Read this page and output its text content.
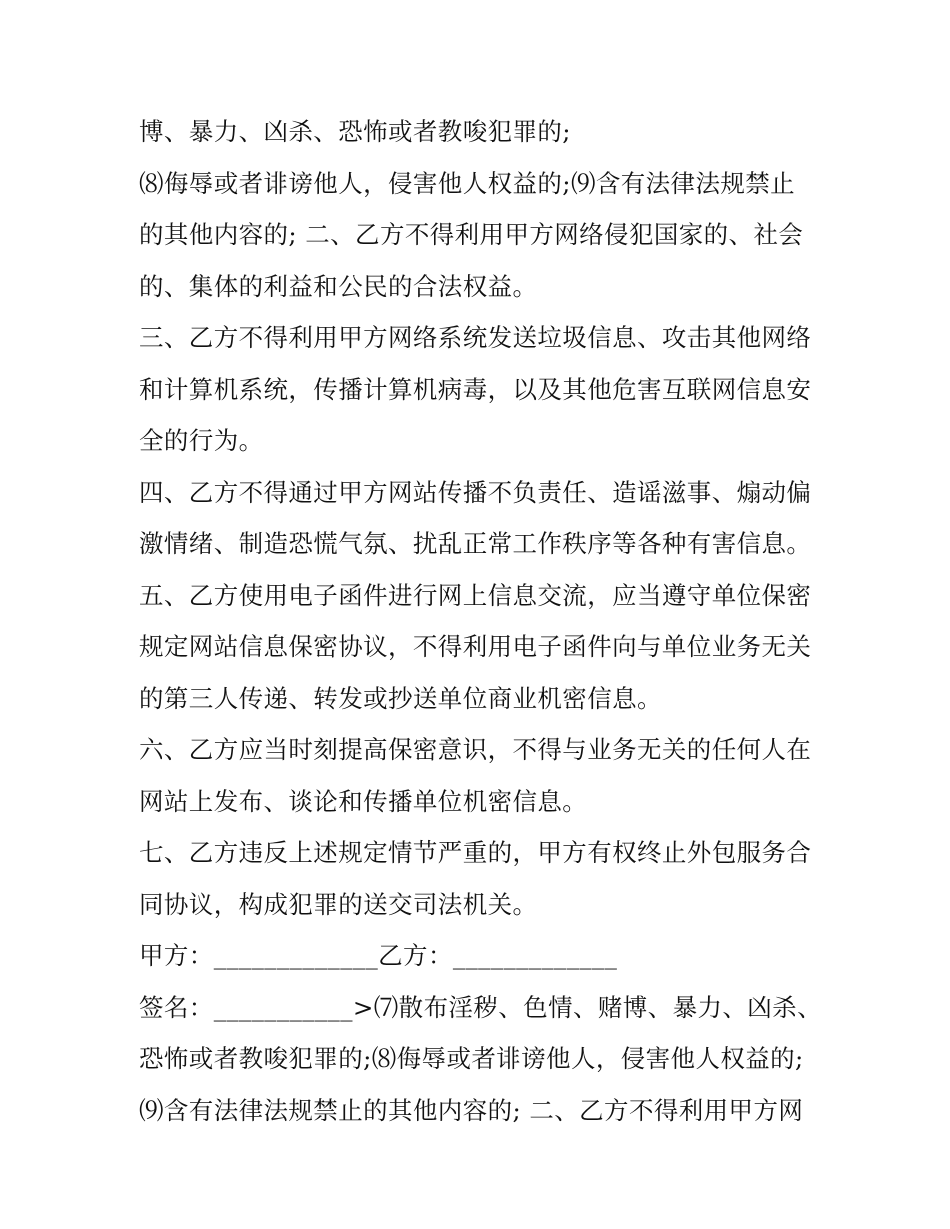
博、暴力、凶杀、恐怖或者教唆犯罪的;
⑻侮辱或者诽谤他人，侵害他人权益的;⑼含有法律法规禁止
的其他内容的; 二、乙方不得利用甲方网络侵犯国家的、社会
的、集体的利益和公民的合法权益。
三、乙方不得利用甲方网络系统发送垃圾信息、攻击其他网络
和计算机系统，传播计算机病毒，以及其他危害互联网信息安
全的行为。
四、乙方不得通过甲方网站传播不负责任、造谣滋事、煽动偏
激情绪、制造恐慌气氛、扰乱正常工作秩序等各种有害信息。
五、乙方使用电子函件进行网上信息交流，应当遵守单位保密
规定网站信息保密协议，不得利用电子函件向与单位业务无关
的第三人传递、转发或抄送单位商业机密信息。
六、乙方应当时刻提高保密意识，不得与业务无关的任何人在
网站上发布、谈论和传播单位机密信息。
七、乙方违反上述规定情节严重的，甲方有权终止外包服务合
同协议，构成犯罪的送交司法机关。
甲方：_____________乙方：_____________
签名：___________>⑺散布淫秽、色情、赌博、暴力、凶杀、
恐怖或者教唆犯罪的;⑻侮辱或者诽谤他人，侵害他人权益的;
⑼含有法律法规禁止的其他内容的; 二、乙方不得利用甲方网
